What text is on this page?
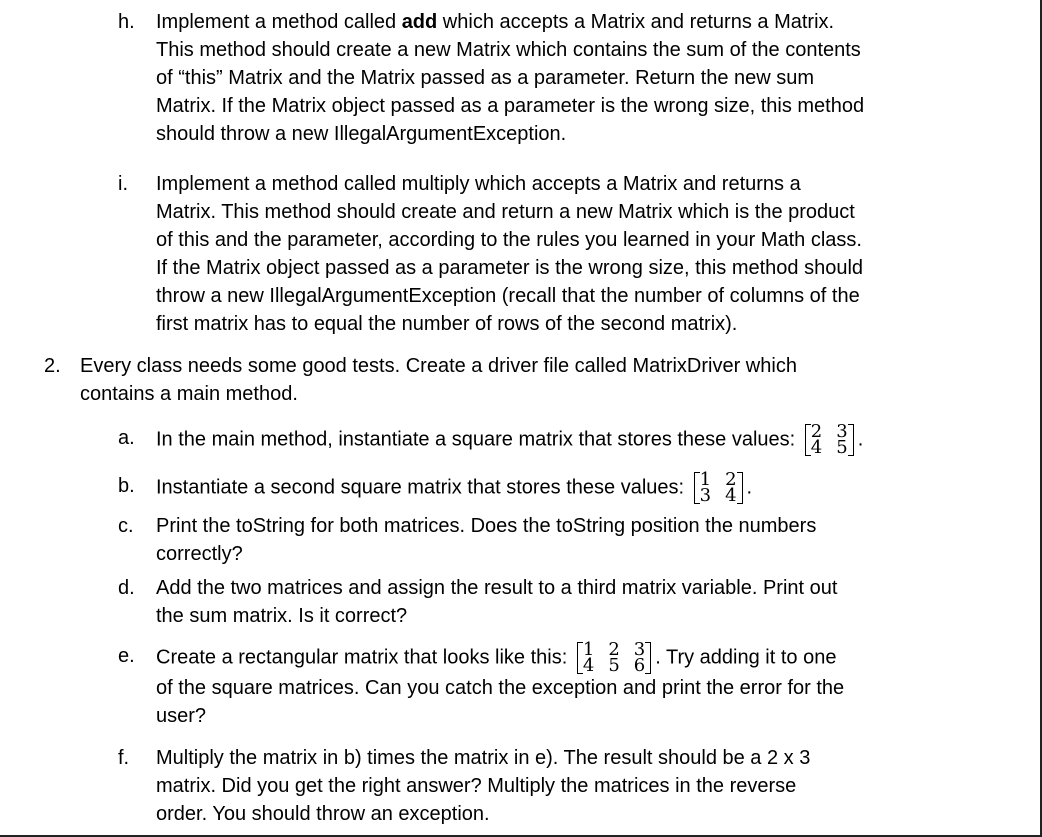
h. Implement a method called add which accepts a Matrix and returns a Matrix.
This method should create a new Matrix which contains the sum of the contents
of “this” Matrix and the Matrix passed as a parameter. Return the new sum
Matrix. If the Matrix object passed as a parameter is the wrong size, this method
should throw a new IllegalArgumentException.
i. Implement a method called multiply which accepts a Matrix and returns a
Matrix. This method should create and return a new Matrix which is the product
of this and the parameter, according to the rules you learned in your Math class.
If the Matrix object passed as a parameter is the wrong size, this method should
throw a new IllegalArgumentException (recall that the number of columns of the
first matrix has to equal the number of rows of the second matrix).
2. Every class needs some good tests. Create a driver file called MatrixDriver which
contains a main method.
a. In the main method, instantiate a square matrix that stores these values: 2 3
4 5 .
b. Instantiate a second square matrix that stores these values: 1 2
3 4 .
c. Print the toString for both matrices. Does the toString position the numbers
correctly?
d. Add the two matrices and assign the result to a third matrix variable. Print out
the sum matrix. Is it correct?
e. Create a rectangular matrix that looks like this: 1 2 3
4 5 6 . Try adding it to one
of the square matrices. Can you catch the exception and print the error for the
user?
f. Multiply the matrix in b) times the matrix in e). The result should be a 2 x 3
matrix. Did you get the right answer? Multiply the matrices in the reverse
order. You should throw an exception.
